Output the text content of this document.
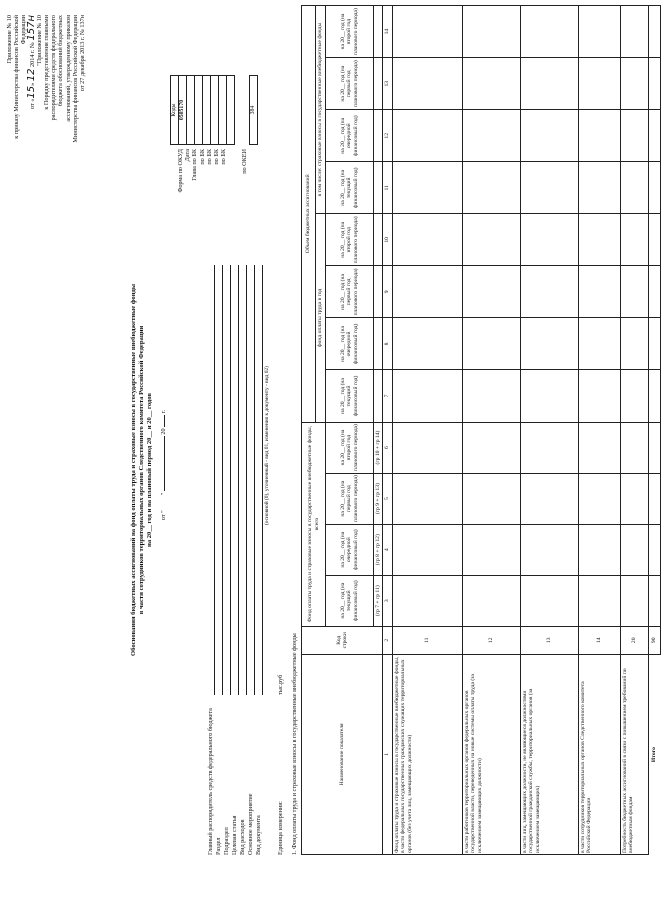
Приложение № 10 к приказу Министерства финансов Российской Федерации
от «15» 12 2014 г. № 157н "Приложение № 10 к Порядку представления главными распорядителями средств федерального бюджета обоснований бюджетных ассигнований, утвержденному приказом Министерства финансов Российской Федерации от 27 декабря 2013 г. № 137н
Обоснования бюджетных ассигнований на фонд оплаты труда и страховые взносы в государственные внебюджетные фонды в части сотрудников территориальных органов Следственного комитета Российской Федерации на 20__ год и на плановый период 20__ и 20__ годов от "  "  20  г.
Форма по ОКУД Дата Глава по БК по БК по БК по БК по БК по ОКЕИ
Коды
0505170

384
Главный распорядитель средств федерального бюджета Раздел Подраздел Целевая статья Вид расходов Основное мероприятие Вид документа
(основной (0), уточненный - вид 01, изменения к документу - вид 02)
Единица измерения:
тыс.руб 1. Фонд оплаты труда и страховые взносы в государственные внебюджетные фонды	Наименование показателя	Код строки	Фонд оплаты труда и страховые взносы в государственные внебюджетные фонды, всего				Объем бюджетных ассигнований							
						фонд оплаты труда в год				в том числе: страховые взносы в государственные внебюджетные фонды			
		на 20__ год (на текущий финансовый год)	на 20__ год (на очередной финансовый год)	на 20__ год (на первый год планового периода)	на 20__ год (на второй год планового периода)	на 20__ год (на текущий финансовый год)	на 20__ год (на очередной финансовый год)	на 20__ год (на первый год планового периода)	на 20__ год (на второй год планового периода)	на 20__ год (на текущий финансовый год)	на 20__ год (на очередной финансовый год)	на 20__ год (на первый год планового периода)	на 20__ год (на второй год планового периода)
		(гр 7 + гр 11)	(гр 8 + гр 12)	(гр 9 + гр 13)	(гр 10 + гр 14)								
1	2	3	4	5	6	7	8	9	10	11	12	13	14
Фонд оплаты труда и страховые взносы в государственные внебюджетные фонды, в части федеральных государственных гражданских служащих территориальных органов (без учета лиц, замещающих должности)	11												
в части работников территориальных органов федеральных органов государственной власти, переведенных на новые системы оплаты труда (за исключением замещающих должности)	12												
в части лиц, замещающих должности, не являющиеся должностями государственной гражданской службы, территориальных органов (за исключением замещающих)	13												
в части сотрудников территориальных органов Следственного комитета Российской Федерации	14												
Потребность бюджетных ассигнований в связи с повышением требований по внебюджетным фондам	20												
Итого	90												
